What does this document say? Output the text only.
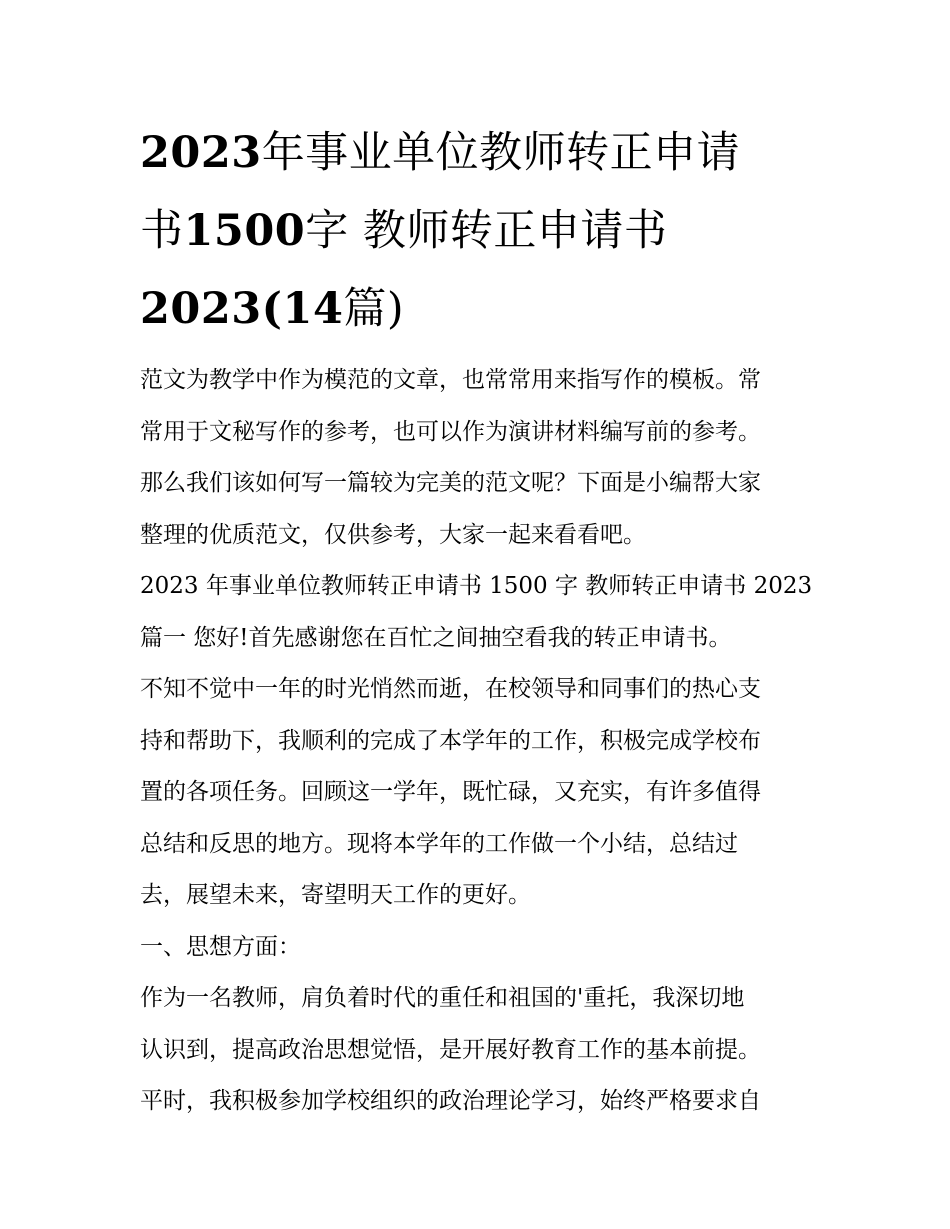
2023年事业单位教师转正申请
书1500字 教师转正申请书
2023(14篇)
范文为教学中作为模范的文章，也常常用来指写作的模板。常
常用于文秘写作的参考，也可以作为演讲材料编写前的参考。
那么我们该如何写一篇较为完美的范文呢？下面是小编帮大家
整理的优质范文，仅供参考，大家一起来看看吧。
2023 年事业单位教师转正申请书 1500 字 教师转正申请书 2023
篇一 您好!首先感谢您在百忙之间抽空看我的转正申请书。
不知不觉中一年的时光悄然而逝，在校领导和同事们的热心支
持和帮助下，我顺利的完成了本学年的工作，积极完成学校布
置的各项任务。回顾这一学年，既忙碌，又充实，有许多值得
总结和反思的地方。现将本学年的工作做一个小结，总结过
去，展望未来，寄望明天工作的更好。
一、思想方面：
作为一名教师，肩负着时代的重任和祖国的'重托，我深切地
认识到，提高政治思想觉悟，是开展好教育工作的基本前提。
平时，我积极参加学校组织的政治理论学习，始终严格要求自
